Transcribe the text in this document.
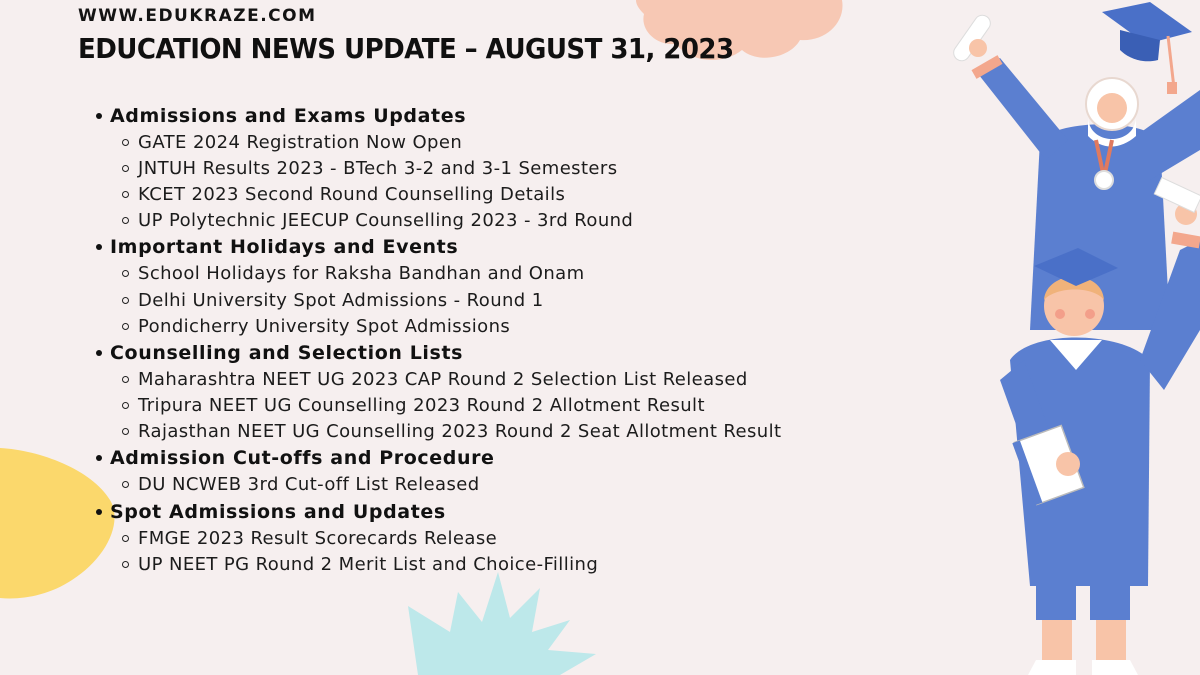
WWW.EDUKRAZE.COM
EDUCATION NEWS UPDATE – AUGUST 31, 2023
Admissions and Exams Updates
GATE 2024 Registration Now Open
JNTUH Results 2023 - BTech 3-2 and 3-1 Semesters
KCET 2023 Second Round Counselling Details
UP Polytechnic JEECUP Counselling 2023 - 3rd Round
Important Holidays and Events
School Holidays for Raksha Bandhan and Onam
Delhi University Spot Admissions - Round 1
Pondicherry University Spot Admissions
Counselling and Selection Lists
Maharashtra NEET UG 2023 CAP Round 2 Selection List Released
Tripura NEET UG Counselling 2023 Round 2 Allotment Result
Rajasthan NEET UG Counselling 2023 Round 2 Seat Allotment Result
Admission Cut-offs and Procedure
DU NCWEB 3rd Cut-off List Released
Spot Admissions and Updates
FMGE 2023 Result Scorecards Release
UP NEET PG Round 2 Merit List and Choice-Filling
